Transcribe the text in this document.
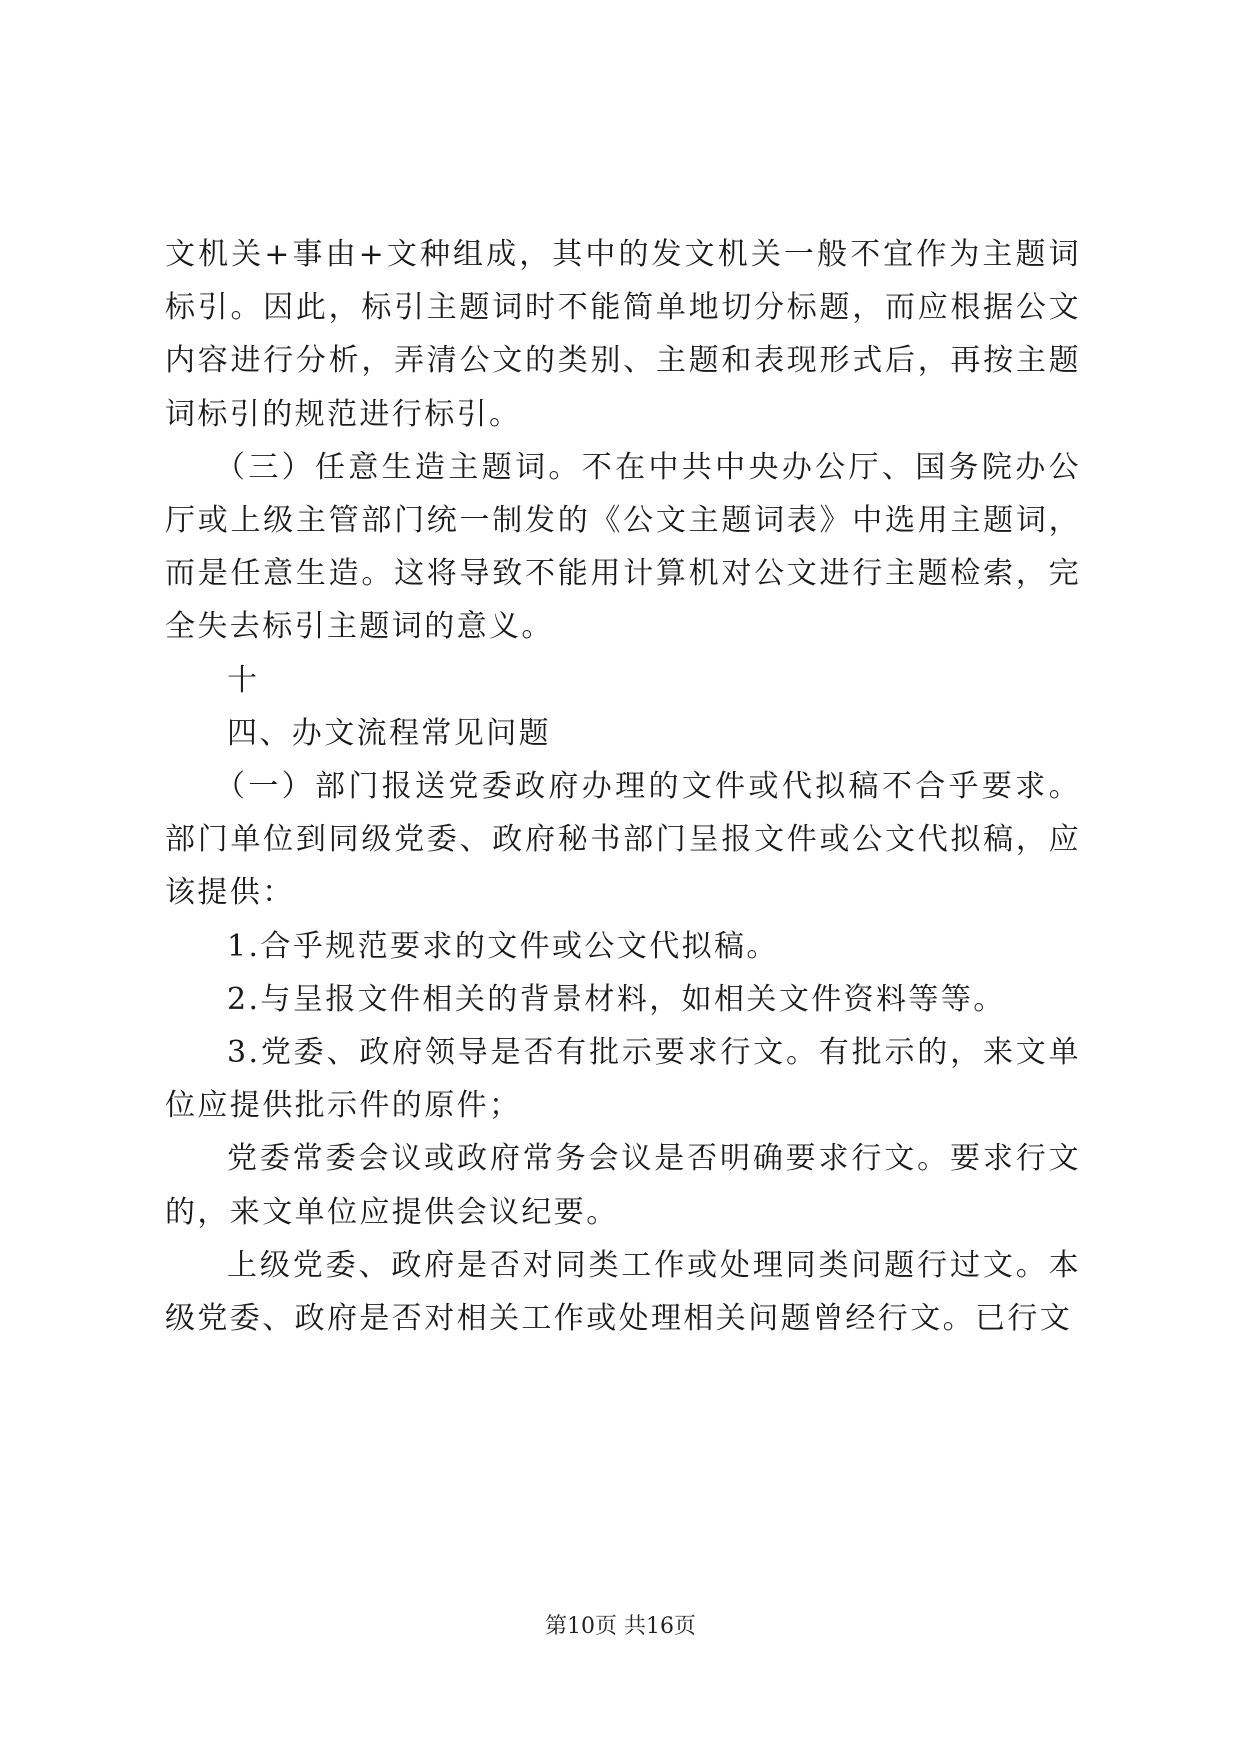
文机关+事由+文种组成，其中的发文机关一般不宜作为主题词标引。因此，标引主题词时不能简单地切分标题，而应根据公文内容进行分析，弄清公文的类别、主题和表现形式后，再按主题词标引的规范进行标引。

（三）任意生造主题词。不在中共中央办公厅、国务院办公厅或上级主管部门统一制发的《公文主题词表》中选用主题词，而是任意生造。这将导致不能用计算机对公文进行主题检索，完全失去标引主题词的意义。

十

四、办文流程常见问题

（一）部门报送党委政府办理的文件或代拟稿不合乎要求。部门单位到同级党委、政府秘书部门呈报文件或公文代拟稿，应该提供：

1.合乎规范要求的文件或公文代拟稿。

2.与呈报文件相关的背景材料，如相关文件资料等等。

3.党委、政府领导是否有批示要求行文。有批示的，来文单位应提供批示件的原件；

党委常委会议或政府常务会议是否明确要求行文。要求行文的，来文单位应提供会议纪要。

上级党委、政府是否对同类工作或处理同类问题行过文。本级党委、政府是否对相关工作或处理相关问题曾经行文。已行文

第10页 共16页
